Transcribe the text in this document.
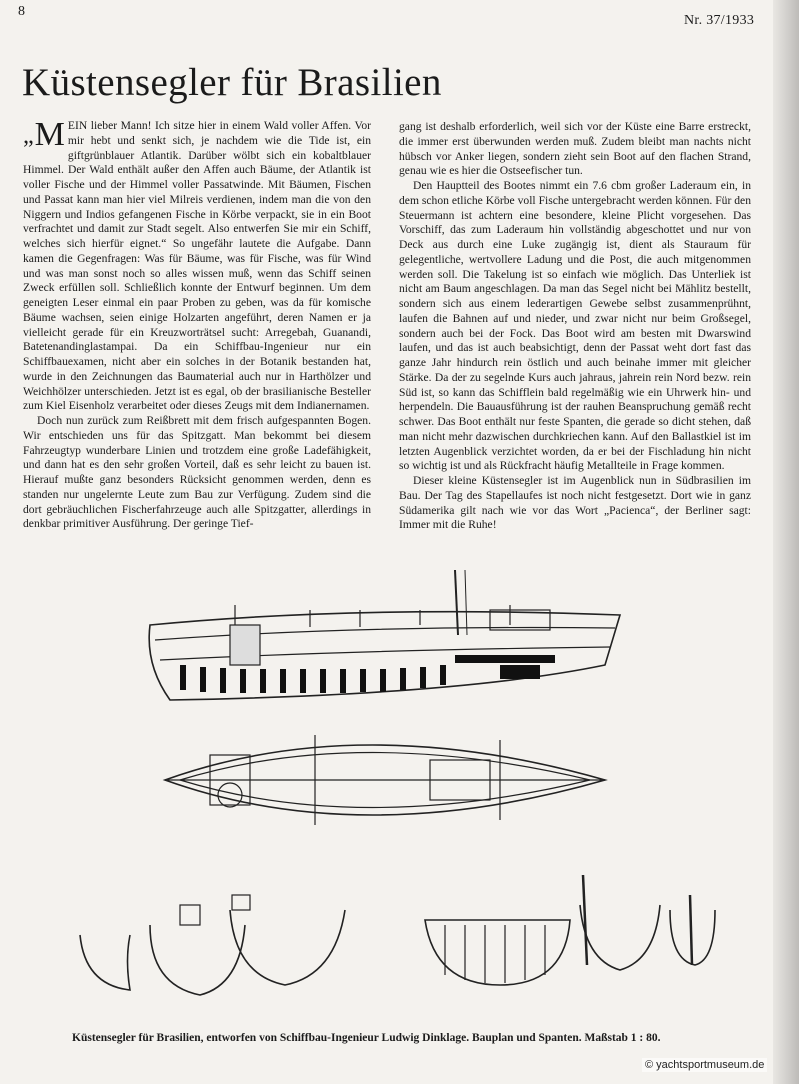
8
Nr. 37/1933
Küstensegler für Brasilien

„ M EIN lieber Mann! Ich sitze hier in einem Wald voller Affen. Vor mir hebt und senkt sich, je nachdem wie die Tide ist, ein giftgrünblauer Atlantik. Darüber wölbt sich ein kobaltblauer Himmel. Der Wald enthält außer den Affen auch Bäume, der Atlantik ist voller Fische und der Himmel voller Passatwinde. Mit Bäumen, Fischen und Passat kann man hier viel Milreis verdienen, indem man die von den Niggern und Indios gefangenen Fische in Körbe verpackt, sie in ein Boot verfrachtet und damit zur Stadt segelt. Also entwerfen Sie mir ein Schiff, welches sich hierfür eignet.“ So ungefähr lautete die Aufgabe. Dann kamen die Gegenfragen: Was für Bäume, was für Fische, was für Wind und was man sonst noch so alles wissen muß, wenn das Schiff seinen Zweck erfüllen soll. Schließlich konnte der Entwurf beginnen. Um dem geneigten Leser einmal ein paar Proben zu geben, was da für komische Bäume wachsen, seien einige Holzarten angeführt, deren Namen er ja vielleicht gerade für ein Kreuzworträtsel sucht: Arregebah, Guanandi, Batetenandinglastampai. Da ein Schiffbau-Ingenieur nur ein Schiffbauexamen, nicht aber ein solches in der Botanik bestanden hat, wurde in den Zeichnungen das Baumaterial auch nur in Harthölzer und Weichhölzer unterschieden. Jetzt ist es egal, ob der brasilianische Besteller zum Kiel Eisenholz verarbeitet oder dieses Zeugs mit dem Indianernamen.

Doch nun zurück zum Reißbrett mit dem frisch aufgespannten Bogen. Wir entschieden uns für das Spitzgatt. Man bekommt bei diesem Fahrzeugtyp wunderbare Linien und trotzdem eine große Ladefähigkeit, und dann hat es den sehr großen Vorteil, daß es sehr leicht zu bauen ist. Hierauf mußte ganz besonders Rücksicht genommen werden, denn es standen nur ungelernte Leute zum Bau zur Verfügung. Zudem sind die dort gebräuchlichen Fischerfahrzeuge auch alle Spitzgatter, allerdings in denkbar primitiver Ausführung. Der geringe Tief-

gang ist deshalb erforderlich, weil sich vor der Küste eine Barre erstreckt, die immer erst überwunden werden muß. Zudem bleibt man nachts nicht hübsch vor Anker liegen, sondern zieht sein Boot auf den flachen Strand, genau wie es hier die Ostseefischer tun.

Den Hauptteil des Bootes nimmt ein 7.6 cbm großer Laderaum ein, in dem schon etliche Körbe voll Fische untergebracht werden können. Für den Steuermann ist achtern eine besondere, kleine Plicht vorgesehen. Das Vorschiff, das zum Laderaum hin vollständig abgeschottet und nur von Deck aus durch eine Luke zugängig ist, dient als Stauraum für gelegentliche, wertvollere Ladung und die Post, die auch mitgenommen werden soll. Die Takelung ist so einfach wie möglich. Das Unterliek ist nicht am Baum angeschlagen. Da man das Segel nicht bei Mählitz bestellt, sondern sich aus einem lederartigen Gewebe selbst zusammenprühnt, laufen die Bahnen auf und nieder, und zwar nicht nur beim Großsegel, sondern auch bei der Fock. Das Boot wird am besten mit Dwarswind laufen, und das ist auch beabsichtigt, denn der Passat weht dort fast das ganze Jahr hindurch rein östlich und auch beinahe immer mit gleicher Stärke. Da der zu segelnde Kurs auch jahraus, jahrein rein Nord bezw. rein Süd ist, so kann das Schifflein bald regelmäßig wie ein Uhrwerk hin- und herpendeln. Die Bauausführung ist der rauhen Beanspruchung gemäß recht schwer. Das Boot enthält nur feste Spanten, die gerade so dicht stehen, daß man nicht mehr dazwischen durchkriechen kann. Auf den Ballastkiel ist im letzten Augenblick verzichtet worden, da er bei der Fischladung hin nicht so wichtig ist und als Rückfracht häufig Metallteile in Frage kommen.

Dieser kleine Küstensegler ist im Augenblick nun in Südbrasilien im Bau. Der Tag des Stapellaufes ist noch nicht festgesetzt. Dort wie in ganz Südamerika gilt nach wie vor das Wort „Pacienca“, der Berliner sagt: Immer mit die Ruhe!

Küstensegler für Brasilien, entworfen von Schiffbau-Ingenieur Ludwig Dinklage. Bauplan und Spanten. Maßstab 1 : 80.
© yachtsportmuseum.de
